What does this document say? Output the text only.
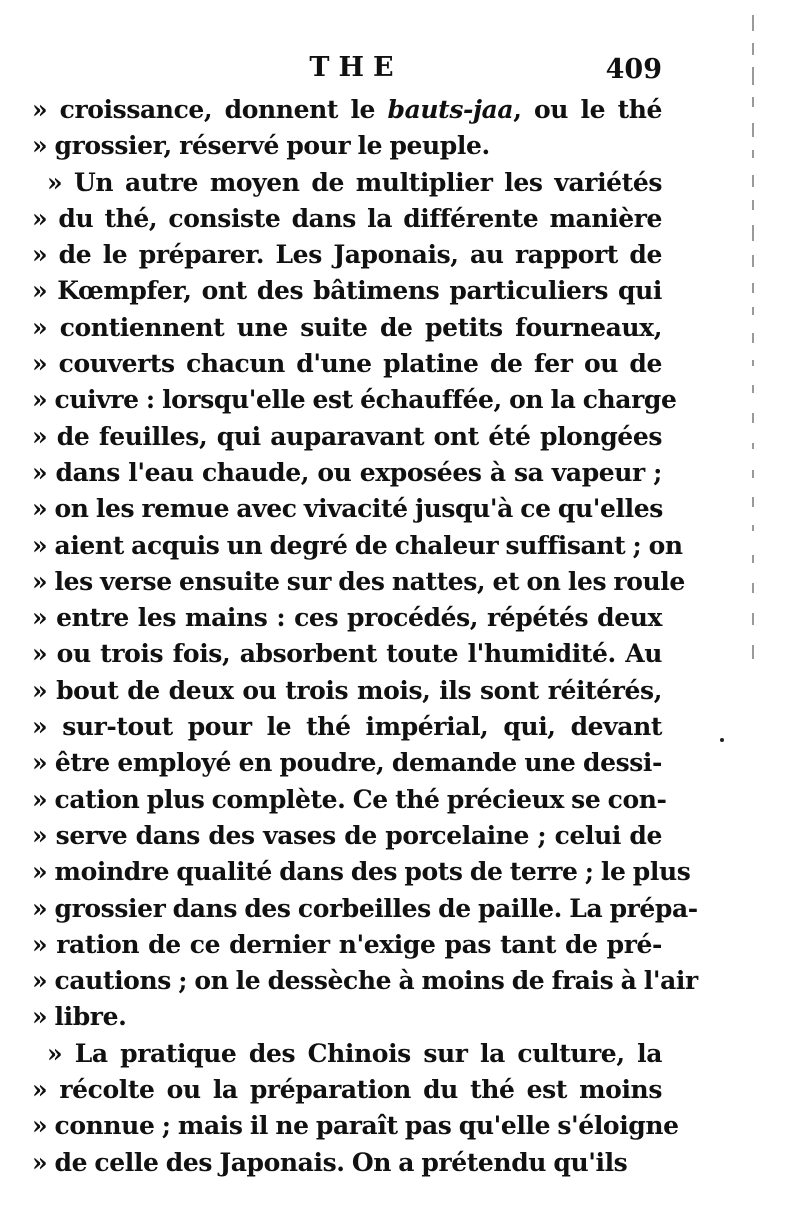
THE	409
» croissance, donnent le bauts-jaa, ou le thé
» grossier, réservé pour le peuple.
» Un autre moyen de multiplier les variétés
» du thé, consiste dans la différente manière
» de le préparer. Les Japonais, au rapport de
» Kœmpfer, ont des bâtimens particuliers qui
» contiennent une suite de petits fourneaux,
» couverts chacun d'une platine de fer ou de
» cuivre : lorsqu'elle est échauffée, on la charge
» de feuilles, qui auparavant ont été plongées
» dans l'eau chaude, ou exposées à sa vapeur ;
» on les remue avec vivacité jusqu'à ce qu'elles
» aient acquis un degré de chaleur suffisant ; on
» les verse ensuite sur des nattes, et on les roule
» entre les mains : ces procédés, répétés deux
» ou trois fois, absorbent toute l'humidité. Au
» bout de deux ou trois mois, ils sont réitérés,
» sur-tout pour le thé impérial, qui, devant
» être employé en poudre, demande une dessi-
» cation plus complète. Ce thé précieux se con-
» serve dans des vases de porcelaine ; celui de
» moindre qualité dans des pots de terre ; le plus
» grossier dans des corbeilles de paille. La prépa-
» ration de ce dernier n'exige pas tant de pré-
» cautions ; on le dessèche à moins de frais à l'air
» libre.
» La pratique des Chinois sur la culture, la
» récolte ou la préparation du thé est moins
» connue ; mais il ne paraît pas qu'elle s'éloigne
» de celle des Japonais. On a prétendu qu'ils
